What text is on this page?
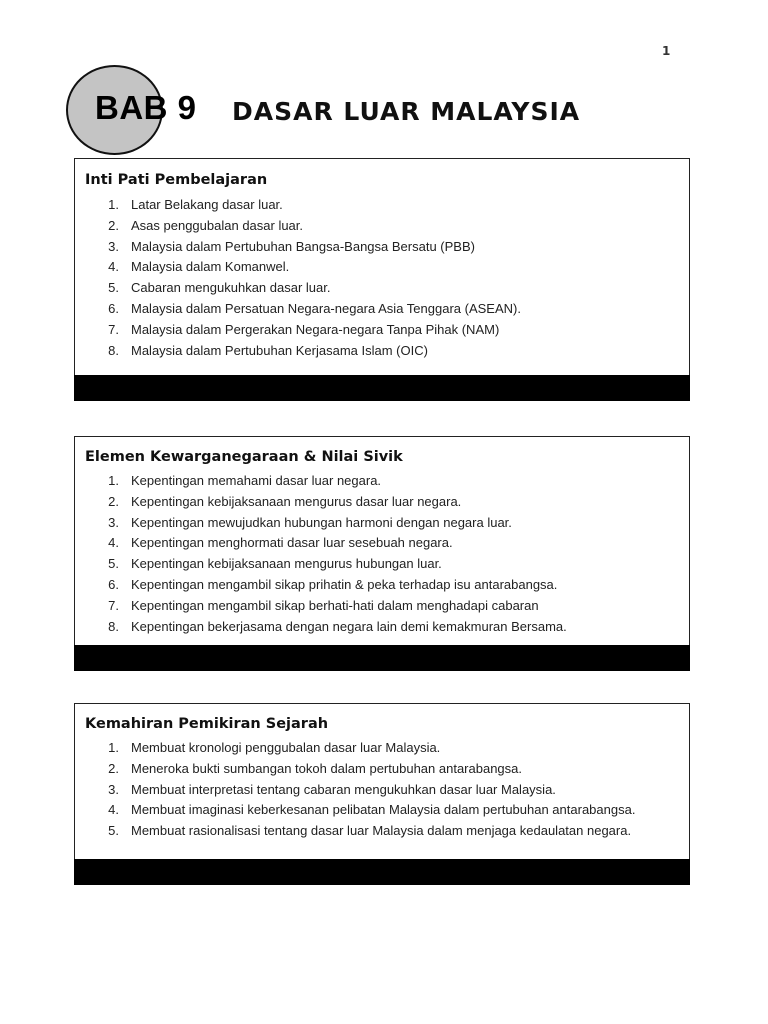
1
BAB 9 DASAR LUAR MALAYSIA
Inti Pati Pembelajaran
1. Latar Belakang dasar luar.
2. Asas penggubalan dasar luar.
3. Malaysia dalam Pertubuhan Bangsa-Bangsa Bersatu (PBB)
4. Malaysia dalam Komanwel.
5. Cabaran mengukuhkan dasar luar.
6. Malaysia dalam Persatuan Negara-negara Asia Tenggara (ASEAN).
7. Malaysia dalam Pergerakan Negara-negara Tanpa Pihak (NAM)
8. Malaysia dalam Pertubuhan Kerjasama Islam (OIC)
Elemen Kewarganegaraan & Nilai Sivik
1. Kepentingan memahami dasar luar negara.
2. Kepentingan kebijaksanaan mengurus dasar luar negara.
3. Kepentingan mewujudkan hubungan harmoni dengan negara luar.
4. Kepentingan menghormati dasar luar sesebuah negara.
5. Kepentingan kebijaksanaan mengurus hubungan luar.
6. Kepentingan mengambil sikap prihatin & peka terhadap isu antarabangsa.
7. Kepentingan mengambil sikap berhati-hati dalam menghadapi cabaran
8. Kepentingan bekerjasama dengan negara lain demi kemakmuran Bersama.
Kemahiran Pemikiran Sejarah
1. Membuat kronologi penggubalan dasar luar Malaysia.
2. Meneroka bukti sumbangan tokoh dalam pertubuhan antarabangsa.
3. Membuat interpretasi tentang cabaran mengukuhkan dasar luar Malaysia.
4. Membuat imaginasi keberkesanan pelibatan Malaysia dalam pertubuhan antarabangsa.
5. Membuat rasionalisasi tentang dasar luar Malaysia dalam menjaga kedaulatan negara.
